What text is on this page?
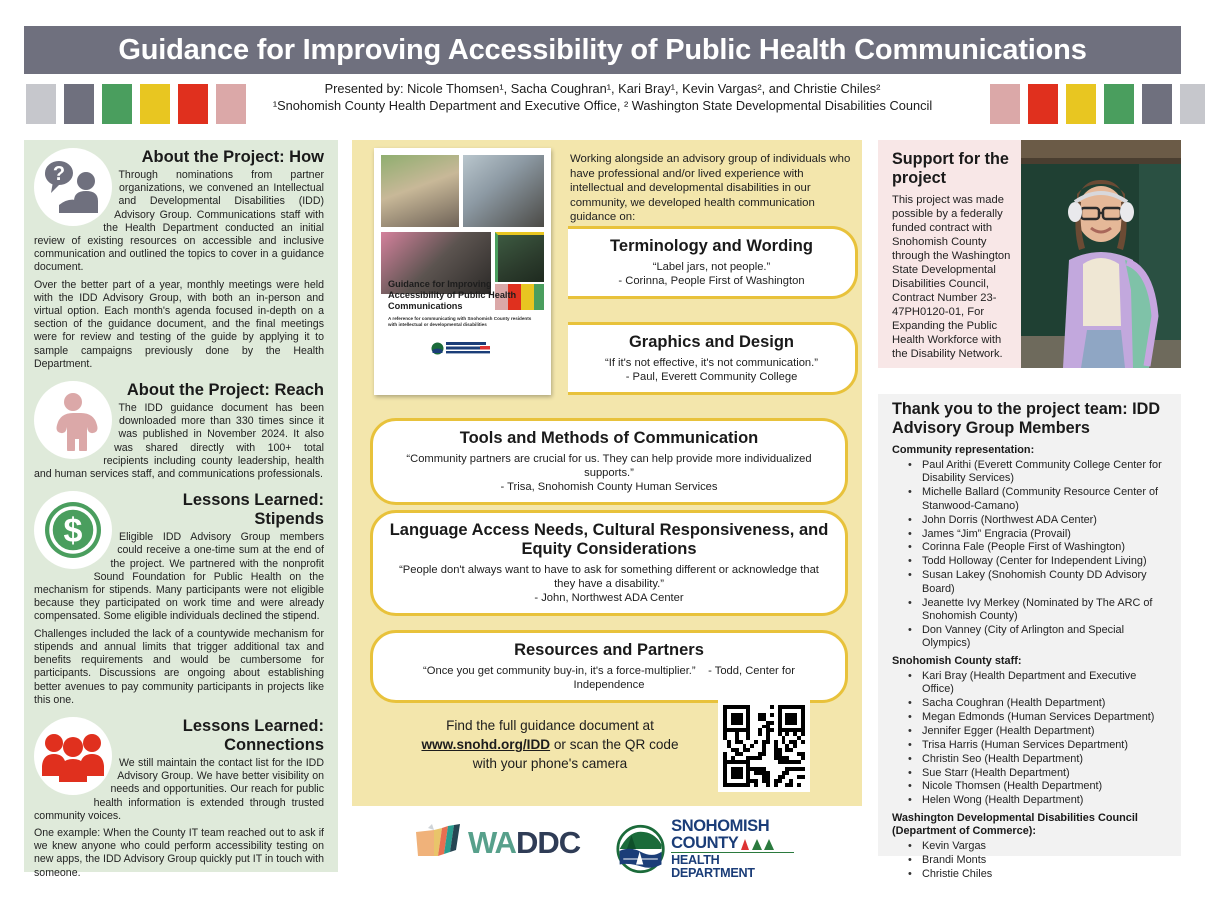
Guidance for Improving Accessibility of Public Health Communications
Presented by: Nicole Thomsen¹, Sacha Coughran¹, Kari Bray¹, Kevin Vargas², and Christie Chiles²
¹Snohomish County Health Department and Executive Office, ² Washington State Developmental Disabilities Council
?
About the Project: How

Through nominations from partner organizations, we convened an Intellectual and Developmental Disabilities (IDD) Advisory Group. Communications staff with the Health Department conducted an initial review of existing resources on accessible and inclusive communication and outlined the topics to cover in a guidance document.

Over the better part of a year, monthly meetings were held with the IDD Advisory Group, with both an in-person and virtual option. Each month's agenda focused in-depth on a section of the guidance document, and the final meetings were for review and testing of the guide by applying it to sample campaigns previously done by the Health Department.

About the Project: Reach

The IDD guidance document has been downloaded more than 330 times since it was published in November 2024. It also was shared directly with 100+ total recipients including county leadership, health and human services staff, and communications professionals.

$
Lessons Learned: Stipends

Eligible IDD Advisory Group members could receive a one-time sum at the end of the project. We partnered with the nonprofit Sound Foundation for Public Health on the mechanism for stipends. Many participants were not eligible because they participated on work time and were already compensated. Some eligible individuals declined the stipend.

Challenges included the lack of a countywide mechanism for stipends and annual limits that trigger additional tax and benefits requirements and would be cumbersome for participants. Discussions are ongoing about establishing better avenues to pay community participants in projects like this one.

Lessons Learned: Connections

We still maintain the contact list for the IDD Advisory Group. We have better visibility on needs and opportunities. Our reach for public health information is extended through trusted community voices.

One example: When the County IT team reached out to ask if we knew anyone who could perform accessibility testing on new apps, the IDD Advisory Group quickly put IT in touch with someone.

Guidance for Improving Accessibility of Public Health Communications
A reference for communicating with Snohomish County residents with intellectual or developmental disabilities
Working alongside an advisory group of individuals who have professional and/or lived experience with intellectual and developmental disabilities in our community, we developed health communication guidance on:
Terminology and Wording
“Label jars, not people.”
- Corinna, People First of Washington
Graphics and Design
“If it's not effective, it's not communication.”
- Paul, Everett Community College
Tools and Methods of Communication
“Community partners are crucial for us. They can help provide more individualized supports.”
- Trisa, Snohomish County Human Services
Language Access Needs, Cultural Responsiveness, and Equity Considerations
“People don't always want to have to ask for something different or acknowledge that they have a disability.”
- John, Northwest ADA Center
Resources and Partners
“Once you get community buy-in, it's a force-multiplier.” - Todd, Center for Independence
Find the full guidance document at
www.snohd.org/IDD or scan the QR code
with your phone's camera
WADDC	SNOHOMISH
COUNTY
HEALTH DEPARTMENT
Support for the project

This project was made possible by a federally funded contract with Snohomish County through the Washington State Developmental Disabilities Council, Contract Number 23-47PH0120-01, For Expanding the Public Health Workforce with the Disability Network.

Thank you to the project team: IDD Advisory Group Members
Community representation:
• Paul Arithi (Everett Community College Center for Disability Services)
• Michelle Ballard (Community Resource Center of Stanwood-Camano)
• John Dorris (Northwest ADA Center)
• James “Jim” Engracia (Provail)
• Corinna Fale (People First of Washington)
• Todd Holloway (Center for Independent Living)
• Susan Lakey (Snohomish County DD Advisory Board)
• Jeanette Ivy Merkey (Nominated by The ARC of Snohomish County)
• Don Vanney (City of Arlington and Special Olympics)
Snohomish County staff:
• Kari Bray (Health Department and Executive Office)
• Sacha Coughran (Health Department)
• Megan Edmonds (Human Services Department)
• Jennifer Egger (Health Department)
• Trisa Harris (Human Services Department)
• Christin Seo (Health Department)
• Sue Starr (Health Department)
• Nicole Thomsen (Health Department)
• Helen Wong (Health Department)
Washington Developmental Disabilities Council (Department of Commerce):
• Kevin Vargas
• Brandi Monts
• Christie Chiles
